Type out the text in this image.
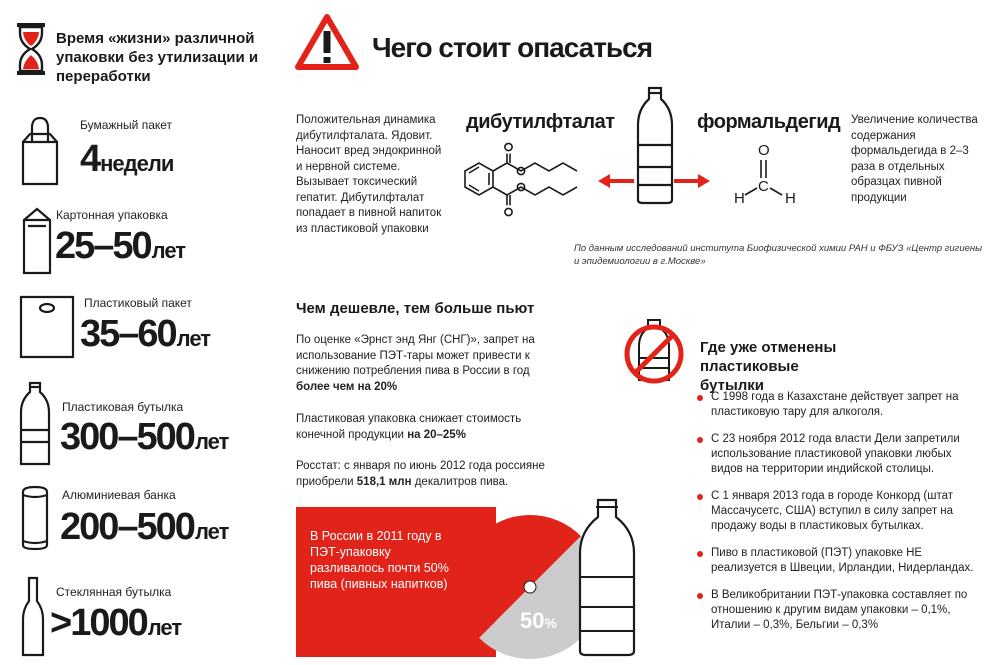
Время «жизни» различной упаковки без утилизации и переработки
Бумажный пакет
4недели
Картонная упаковка
25–50лет
Пластиковый пакет
35–60лет
Пластиковая бутылка
300–500лет
Алюминиевая банка
200–500лет
Стеклянная бутылка
>1000лет
Чего стоит опасаться
Положительная динамика дибутилфталата. Ядовит. Наносит вред эндокринной и нервной системе. Вызывает токсический гепатит. Дибутилфталат попадает в пивной напиток из пластиковой упаковки
дибутилфталат	формальдегид
O
C
H	H
Увеличение количества содержания формальдегида в 2–3 раза в отдельных образцах пивной продукции
По данным исследований института Биофизической химии РАН и ФБУЗ «Центр гигиены и эпидемиологии в г.Москве»
Чем дешевле, тем больше пьют
По оценке «Эрнст энд Янг (СНГ)», запрет на использование ПЭТ-тары может привести к снижению потребления пива в России в год более чем на 20%
Пластиковая упаковка снижает стоимость конечной продукции на 20–25%
Росстат: с января по июнь 2012 года россияне приобрели 518,1 млн декалитров пива.
В России в 2011 году в ПЭТ-упаковку разливалось почти 50% пива (пивных напитков)
50%
Где уже отменены пластиковые бутылки
С 1998 года в Казахстане действует запрет на пластиковую тару для алкоголя.
С 23 ноября 2012 года власти Дели запретили использование пластиковой упаковки любых видов на территории индийской столицы.
С 1 января 2013 года в городе Конкорд (штат Массачусетс, США) вступил в силу запрет на продажу воды в пластиковых бутылках.
Пиво в пластиковой (ПЭТ) упаковке НЕ реализуется в Швеции, Ирландии, Нидерландах.
В Великобритании ПЭТ-упаковка составляет по отношению к другим видам упаковки – 0,1%, Италии – 0,3%, Бельгии – 0,3%
